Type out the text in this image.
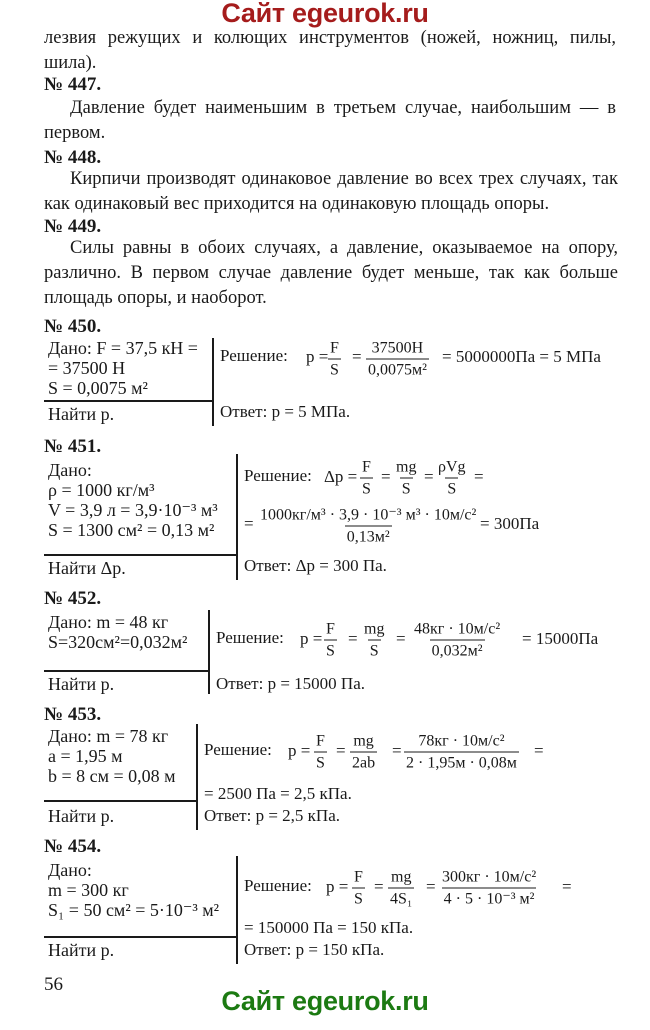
Сайт egeurok.ru

лезвия режущих и колющих инструментов (ножей, ножниц, пилы, шила).

№ 447.

Давление будет наименьшим в третьем случае, наибольшим — в первом.

№ 448.

Кирпичи производят одинаковое давление во всех трех случаях, так как одинаковый вес приходится на одинаковую площадь опоры.

№ 449.

Силы равны в обоих случаях, а давление, оказываемое на опору, различно. В первом случае давление будет меньше, так как больше площадь опоры, и наоборот.

№ 450.

Дано: F = 37,5 кН =
= 37500 Н
S = 0,0075 м²
Найти p.
Решение: $p = \frac{F}{S} = 37500Н$
0,0075м²
= 5000000Па = 5 МПа
Ответ: p = 5 МПа.

№ 451.

Дано:
ρ = 1000 кг/м³
V = 3,9 л = 3,9·10⁻³ м³
S = 1300 см² = 0,13 м²
Найти Δp.
Решение: $\Delta p = \frac{F}{S} = \frac{mg}{S} = \rho Vg$
S
=
= 1000кг/м³ · 3,9 · 10⁻³ м³ · 10м/с²
0,13м²
= 300Па
Ответ: Δp = 300 Па.

№ 452.

Дано: m = 48 кг
S=320см²=0,032м²
Найти p.
Решение: $p = \frac{F}{S} = \frac{mg}{S} = 48кг \cdot 10м/с^2$
0,032м²
= 15000Па
Ответ: p = 15000 Па.

№ 453.

Дано: m = 78 кг
a = 1,95 м
b = 8 см = 0,08 м
Найти p.
Решение: $p = \frac{F}{S} = \frac{mg}{2ab} = 78кг \cdot 10м/с^2$
2 · 1,95м · 0,08м
=
= 2500 Па = 2,5 кПа.
Ответ: p = 2,5 кПа.

№ 454.

Дано:
m = 300 кг
S₁ = 50 см² = 5·10⁻³ м²
Найти p.
Решение: $p = \frac{F}{S} = \frac{mg}{\text{4S₁}} = 300кг \cdot 10м/с^2$
4 · 5 · 10⁻³ м²
=
= 150000 Па = 150 кПа.
Ответ: p = 150 кПа.
56
Сайт egeurok.ru
